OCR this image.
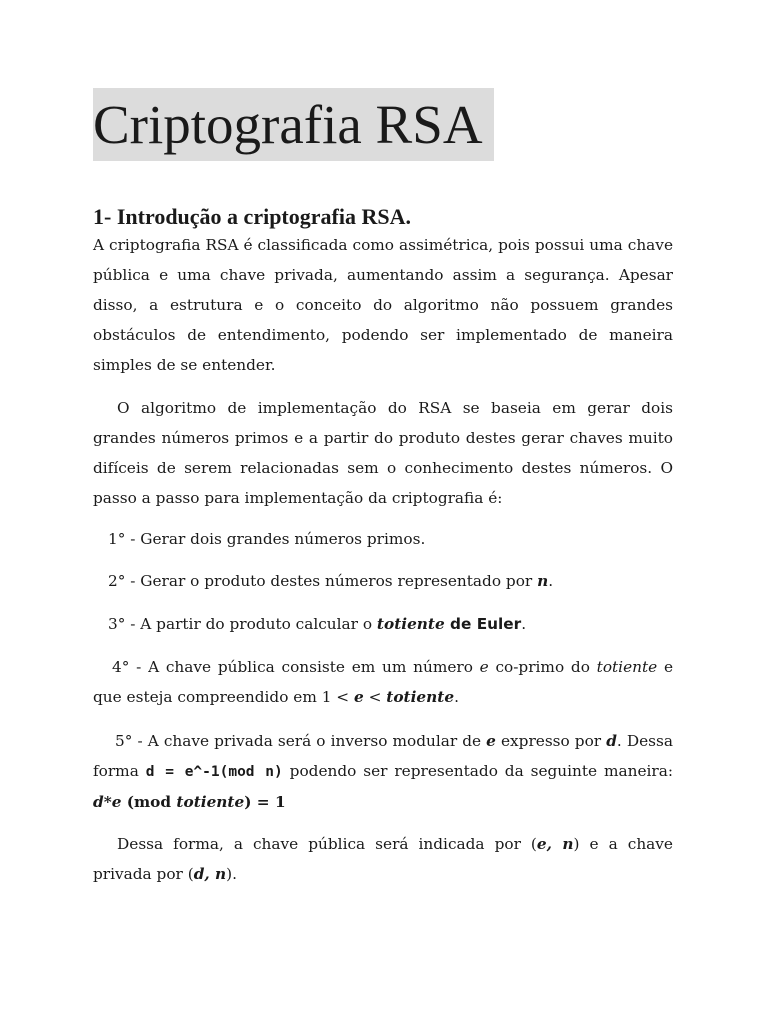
Criptografia RSA
1- Introdução a criptografia RSA.

A criptografia RSA é classificada como assimétrica, pois possui uma chave pública e uma chave privada, aumentando assim a segurança. Apesar disso, a estrutura e o conceito do algoritmo não possuem grandes obstáculos de entendimento, podendo ser implementado de maneira simples de se entender.

O algoritmo de implementação do RSA se baseia em gerar dois grandes números primos e a partir do produto destes gerar chaves muito difíceis de serem relacionadas sem o conhecimento destes números. O passo a passo para implementação da criptografia é:

1° - Gerar dois grandes números primos.

2° - Gerar o produto destes números representado por n.

3° - A partir do produto calcular o totiente de Euler.

4° - A chave pública consiste em um número e co-primo do totiente e que esteja compreendido em 1 < e < totiente.

5° - A chave privada será o inverso modular de e expresso por d. Dessa forma d = e^-1(mod n) podendo ser representado da seguinte maneira: d*e (mod totiente) = 1

Dessa forma, a chave pública será indicada por (e, n) e a chave privada por (d, n).
